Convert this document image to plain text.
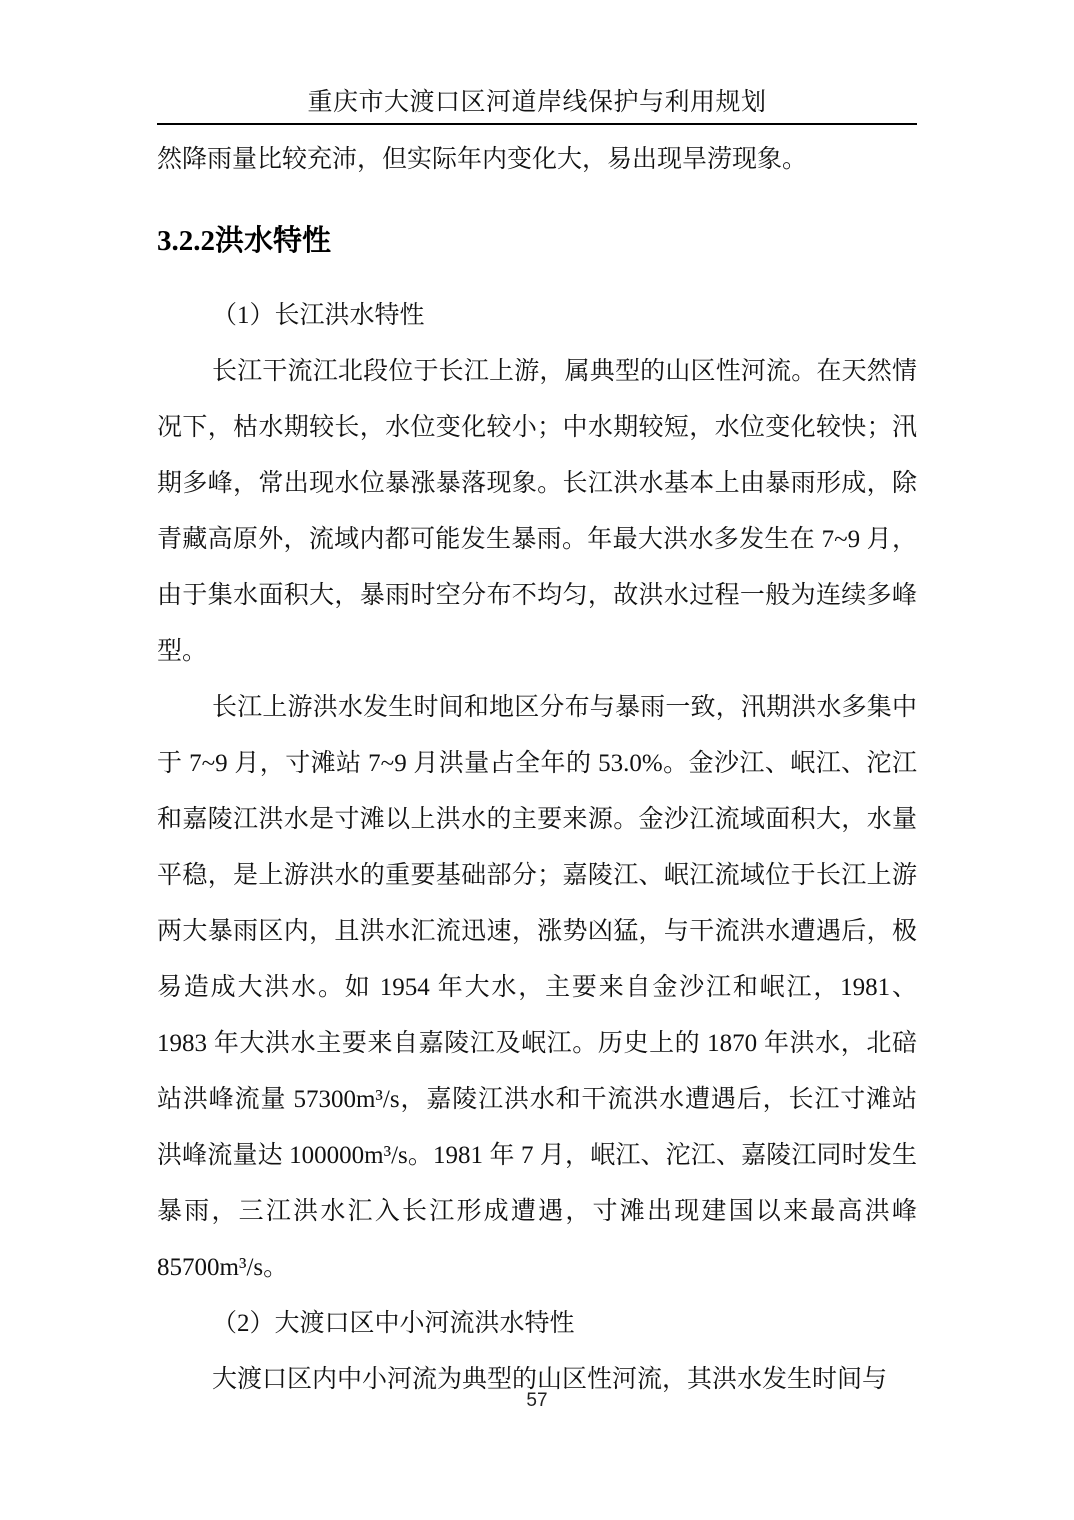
重庆市大渡口区河道岸线保护与利用规划

然降雨量比较充沛，但实际年内变化大，易出现旱涝现象。

3.2.2洪水特性

（1）长江洪水特性

长江干流江北段位于长江上游，属典型的山区性河流。在天然情况下，枯水期较长，水位变化较小；中水期较短，水位变化较快；汛期多峰，常出现水位暴涨暴落现象。长江洪水基本上由暴雨形成，除青藏高原外，流域内都可能发生暴雨。年最大洪水多发生在 7~9 月，由于集水面积大，暴雨时空分布不均匀，故洪水过程一般为连续多峰型。

长江上游洪水发生时间和地区分布与暴雨一致，汛期洪水多集中于 7~9 月，寸滩站 7~9 月洪量占全年的 53.0%。金沙江、岷江、沱江和嘉陵江洪水是寸滩以上洪水的主要来源。金沙江流域面积大，水量平稳，是上游洪水的重要基础部分；嘉陵江、岷江流域位于长江上游两大暴雨区内，且洪水汇流迅速，涨势凶猛，与干流洪水遭遇后，极易造成大洪水。如 1954 年大水，主要来自金沙江和岷江，1981、1983 年大洪水主要来自嘉陵江及岷江。历史上的 1870 年洪水，北碚站洪峰流量 57300m³/s，嘉陵江洪水和干流洪水遭遇后，长江寸滩站洪峰流量达 100000m³/s。1981 年 7 月，岷江、沱江、嘉陵江同时发生暴雨，三江洪水汇入长江形成遭遇，寸滩出现建国以来最高洪峰 85700m³/s。

（2）大渡口区中小河流洪水特性

大渡口区内中小河流为典型的山区性河流，其洪水发生时间与

57
